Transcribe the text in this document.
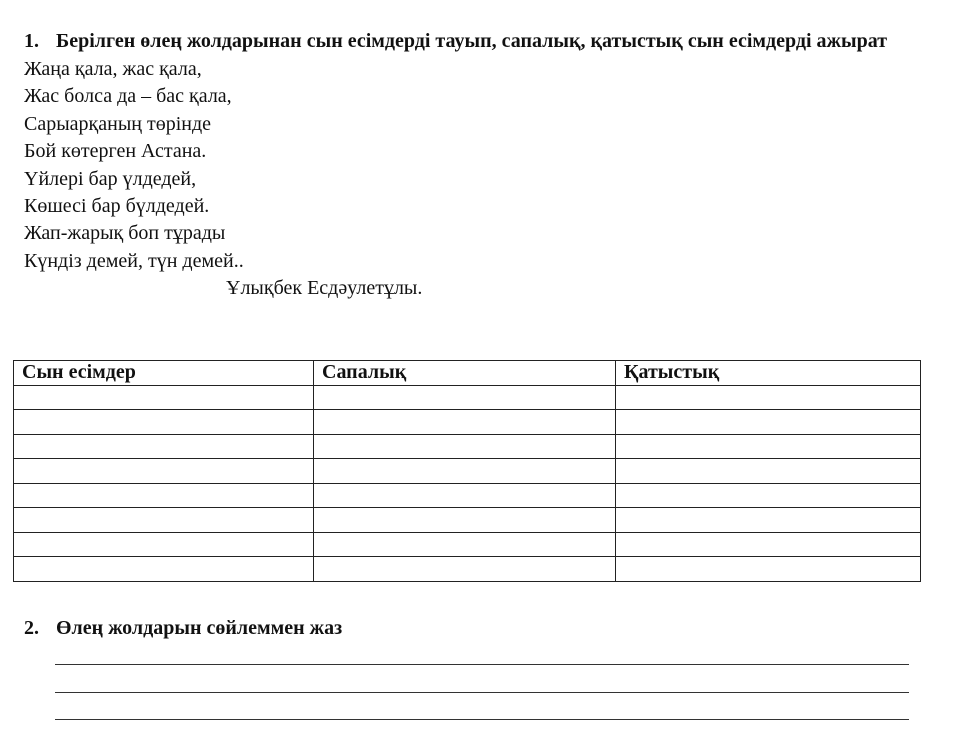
1. Берілген өлең жолдарынан сын есімдерді тауып, сапалық, қатыстық сын есімдерді ажырат
Жаңа қала, жас қала,
Жас болса да – бас қала,
Сарыарқаның төрінде
Бой көтерген Астана.
Үйлері бар үлдедей,
Көшесі бар бүлдедей.
Жап-жарық боп тұрады
Күндіз демей, түн демей..
Ұлықбек Есдәулетұлы.
Сын есімдер	Сапалық	Қатыстық

2. Өлең жолдарын сөйлеммен жаз
